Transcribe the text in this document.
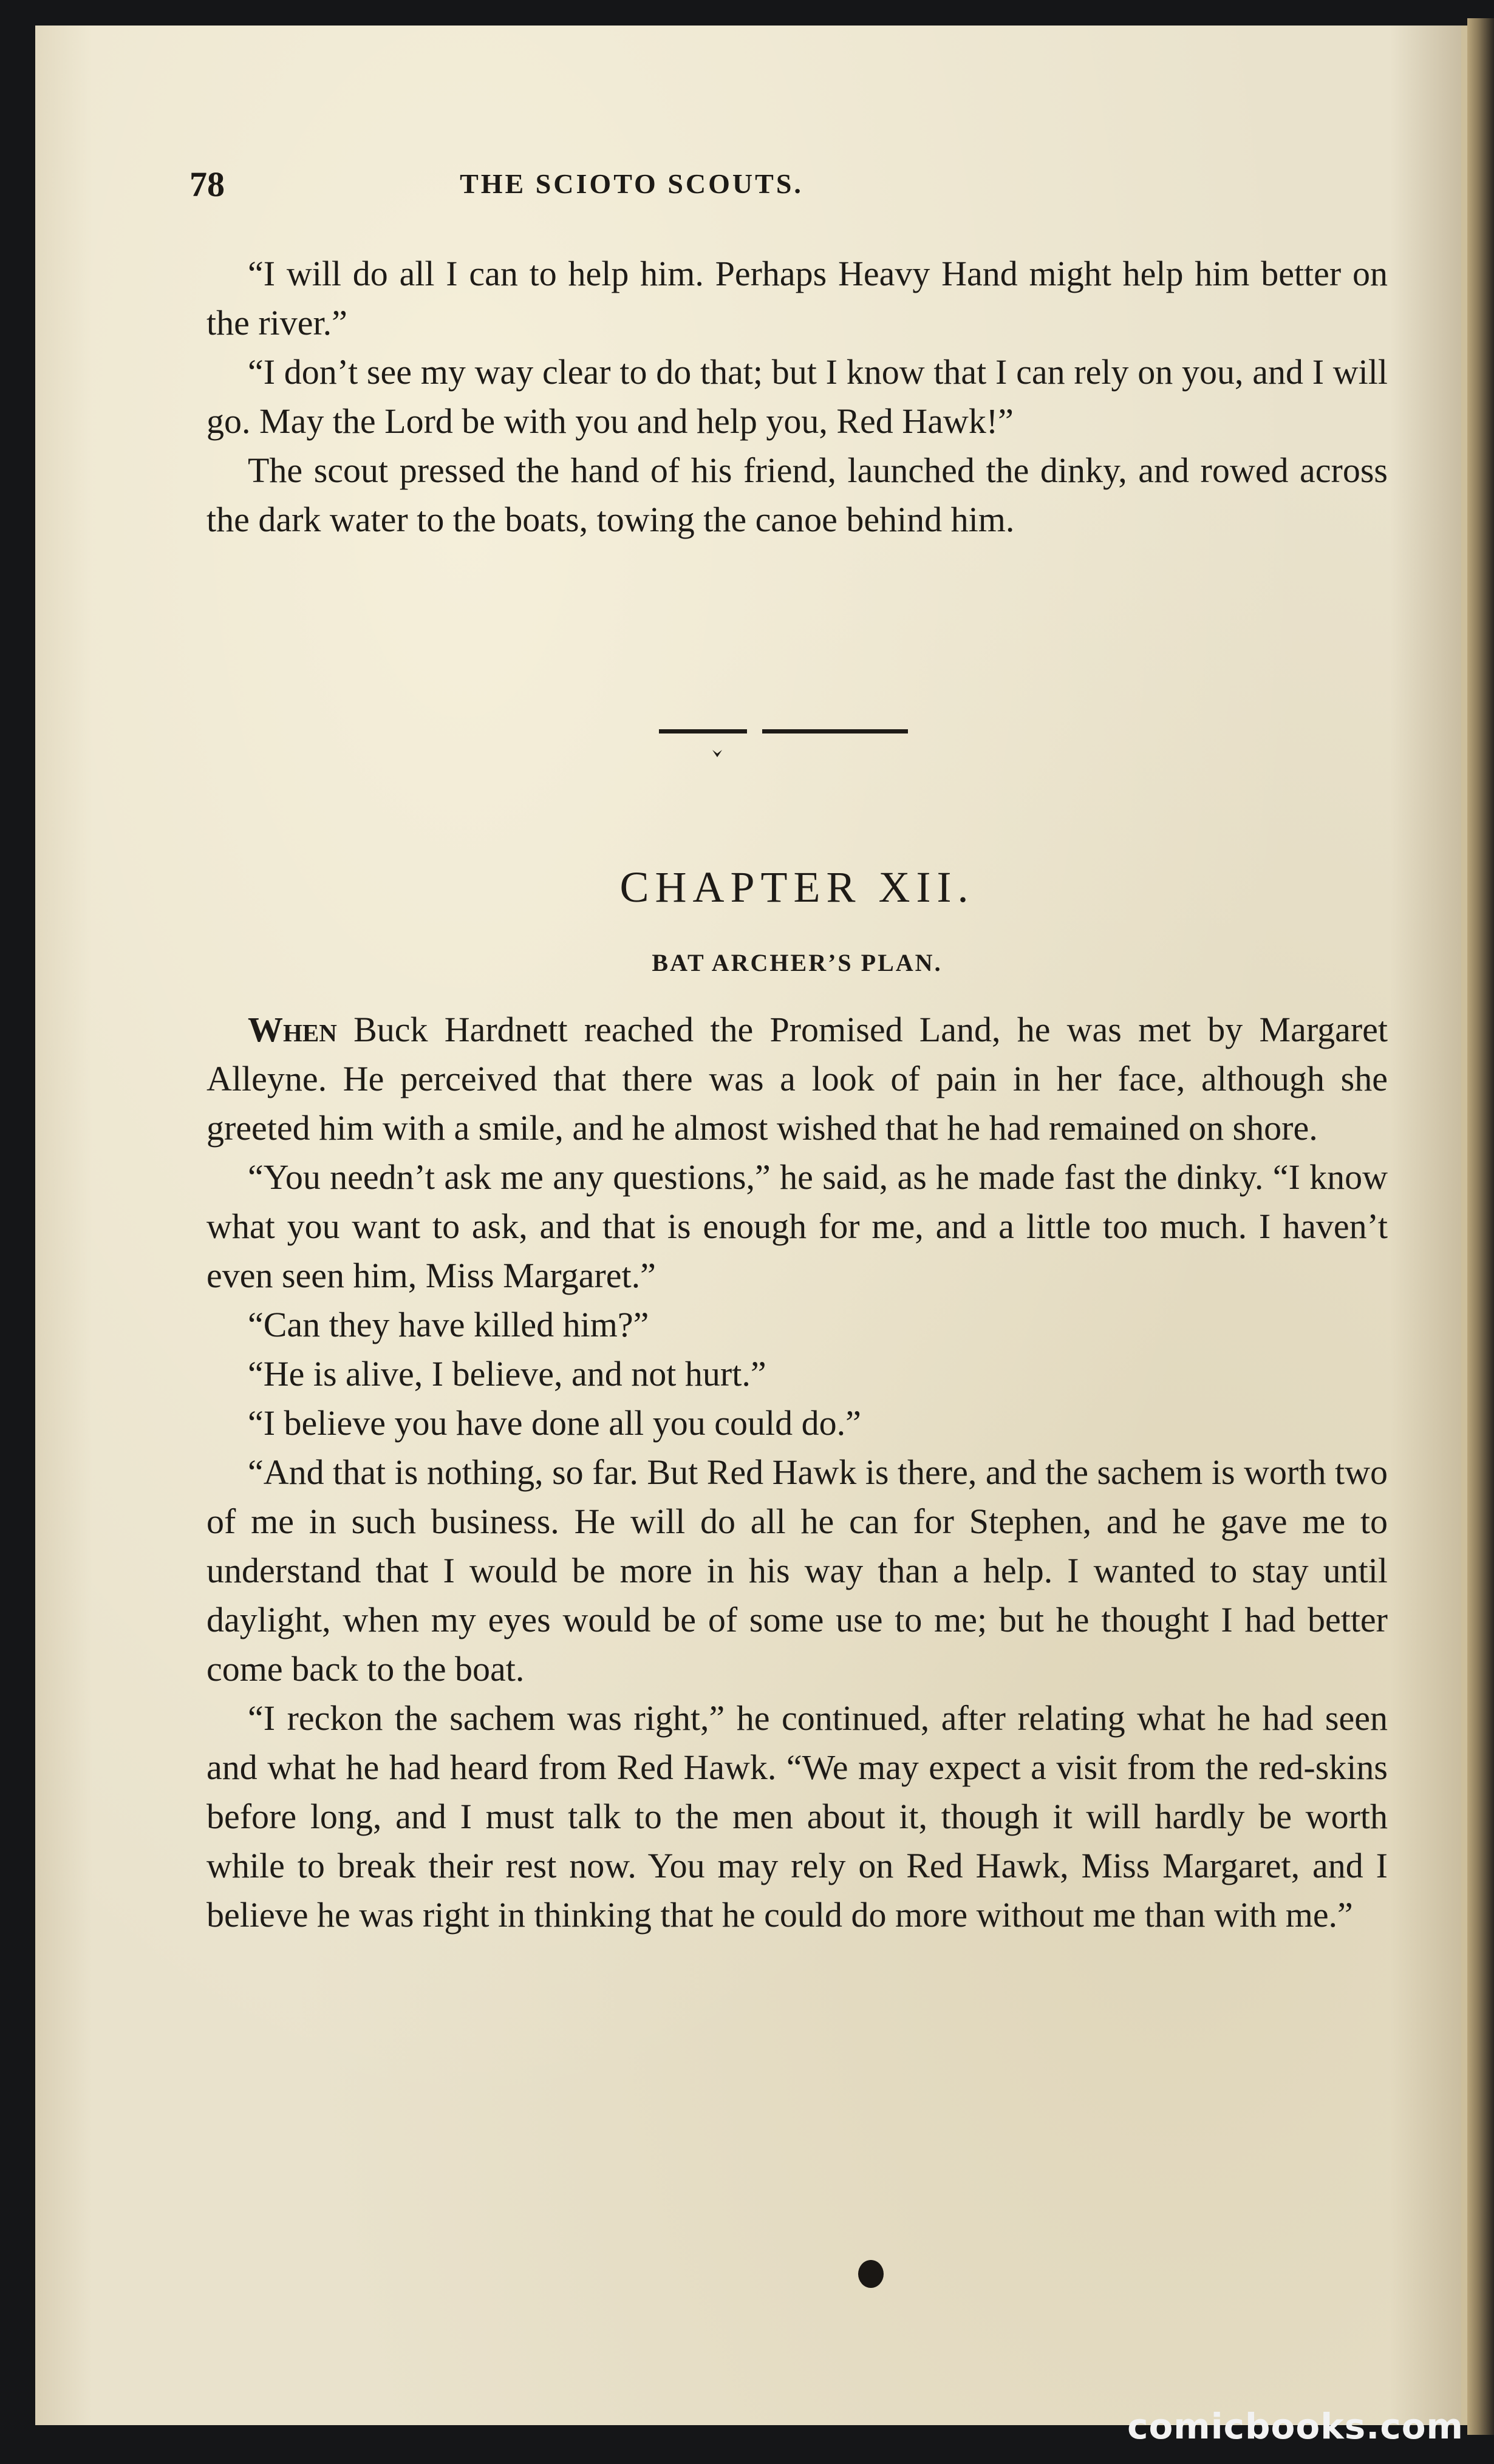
78	THE SCIOTO SCOUTS.

“I will do all I can to help him. Perhaps Heavy Hand might help him better on the river.”

“I don’t see my way clear to do that; but I know that I can rely on you, and I will go. May the Lord be with you and help you, Red Hawk!”

The scout pressed the hand of his friend, launched the dinky, and rowed across the dark water to the boats, towing the canoe behind him.

CHAPTER XII.
BAT ARCHER’S PLAN.

When Buck Hardnett reached the Promised Land, he was met by Margaret Alleyne. He perceived that there was a look of pain in her face, although she greeted him with a smile, and he almost wished that he had remained on shore.

“You needn’t ask me any questions,” he said, as he made fast the dinky. “I know what you want to ask, and that is enough for me, and a little too much. I haven’t even seen him, Miss Margaret.”

“Can they have killed him?”

“He is alive, I believe, and not hurt.”

“I believe you have done all you could do.”

“And that is nothing, so far. But Red Hawk is there, and the sachem is worth two of me in such business. He will do all he can for Stephen, and he gave me to understand that I would be more in his way than a help. I wanted to stay until daylight, when my eyes would be of some use to me; but he thought I had better come back to the boat.

“I reckon the sachem was right,” he continued, after relating what he had seen and what he had heard from Red Hawk. “We may expect a visit from the red-skins before long, and I must talk to the men about it, though it will hardly be worth while to break their rest now. You may rely on Red Hawk, Miss Margaret, and I believe he was right in thinking that he could do more without me than with me.”

comicbooks.com
